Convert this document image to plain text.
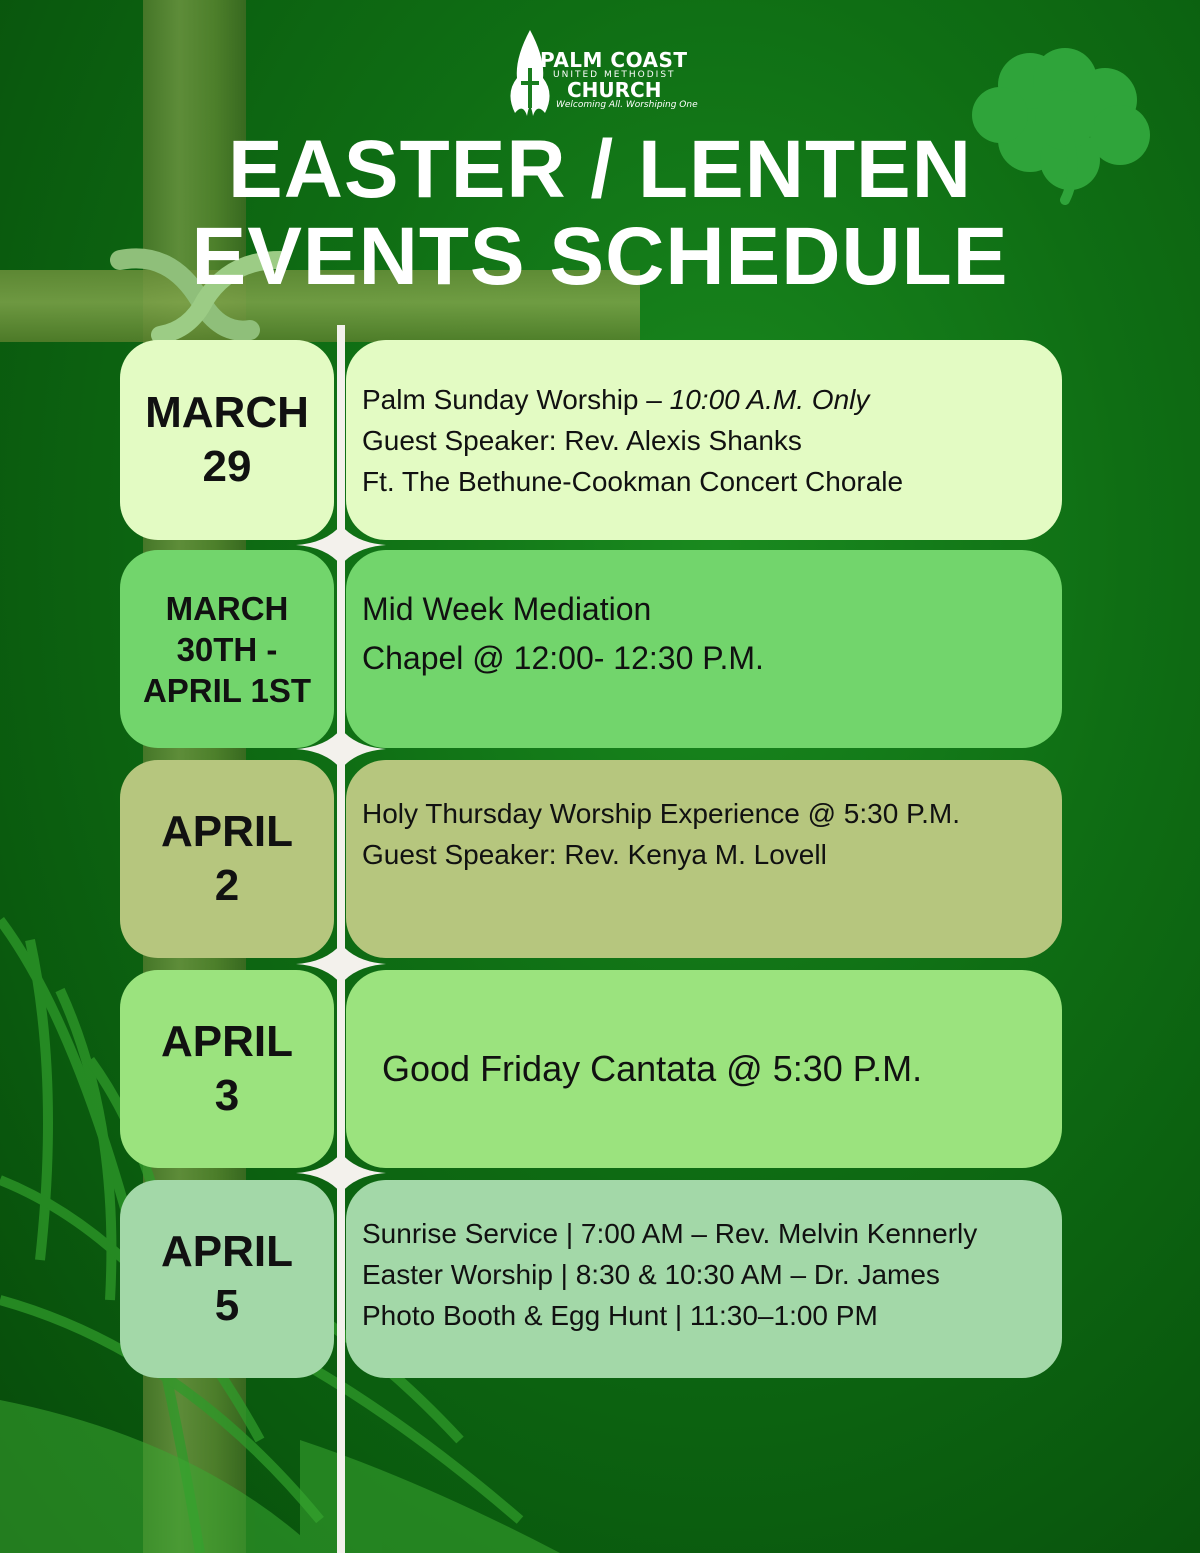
PALM COAST
UNITED METHODIST
CHURCH
Welcoming All. Worshiping One
EASTER / LENTEN
EVENTS SCHEDULE
MARCH
29
Palm Sunday Worship – 10:00 A.M. Only
Guest Speaker: Rev. Alexis Shanks
Ft. The Bethune-Cookman Concert Chorale
MARCH
30TH -
APRIL 1ST
Mid Week Mediation
Chapel @ 12:00- 12:30 P.M.
APRIL
2
Holy Thursday Worship Experience @ 5:30 P.M.
Guest Speaker: Rev. Kenya M. Lovell
APRIL
3
Good Friday Cantata @ 5:30 P.M.
APRIL
5
Sunrise Service | 7:00 AM – Rev. Melvin Kennerly
Easter Worship | 8:30 & 10:30 AM – Dr. James
Photo Booth & Egg Hunt | 11:30–1:00 PM
